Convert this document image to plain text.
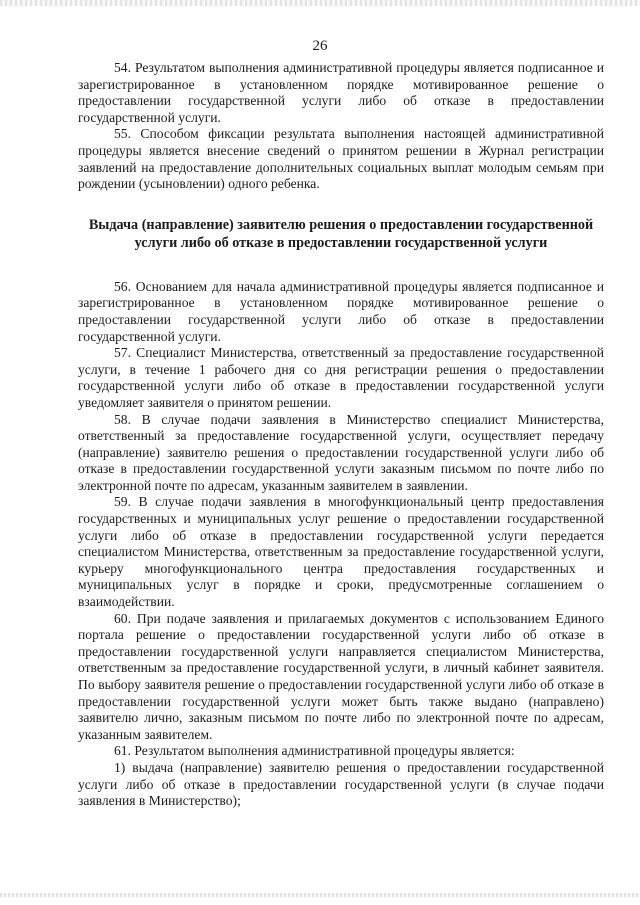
26

54. Результатом выполнения административной процедуры является подписанное и зарегистрированное в установленном порядке мотивированное решение о предоставлении государственной услуги либо об отказе в предоставлении государственной услуги.

55. Способом фиксации результата выполнения настоящей административной процедуры является внесение сведений о принятом решении в Журнал регистрации заявлений на предоставление дополнительных социальных выплат молодым семьям при рождении (усыновлении) одного ребенка.

Выдача (направление) заявителю решения о предоставлении государственной услуги либо об отказе в предоставлении государственной услуги

56. Основанием для начала административной процедуры является подписанное и зарегистрированное в установленном порядке мотивированное решение о предоставлении государственной услуги либо об отказе в предоставлении государственной услуги.

57. Специалист Министерства, ответственный за предоставление государственной услуги, в течение 1 рабочего дня со дня регистрации решения о предоставлении государственной услуги либо об отказе в предоставлении государственной услуги уведомляет заявителя о принятом решении.

58. В случае подачи заявления в Министерство специалист Министерства, ответственный за предоставление государственной услуги, осуществляет передачу (направление) заявителю решения о предоставлении государственной услуги либо об отказе в предоставлении государственной услуги заказным письмом по почте либо по электронной почте по адресам, указанным заявителем в заявлении.

59. В случае подачи заявления в многофункциональный центр предоставления государственных и муниципальных услуг решение о предоставлении государственной услуги либо об отказе в предоставлении государственной услуги передается специалистом Министерства, ответственным за предоставление государственной услуги, курьеру многофункционального центра предоставления государственных и муниципальных услуг в порядке и сроки, предусмотренные соглашением о взаимодействии.

60. При подаче заявления и прилагаемых документов с использованием Единого портала решение о предоставлении государственной услуги либо об отказе в предоставлении государственной услуги направляется специалистом Министерства, ответственным за предоставление государственной услуги, в личный кабинет заявителя. По выбору заявителя решение о предоставлении государственной услуги либо об отказе в предоставлении государственной услуги может быть также выдано (направлено) заявителю лично, заказным письмом по почте либо по электронной почте по адресам, указанным заявителем.

61. Результатом выполнения административной процедуры является:

1) выдача (направление) заявителю решения о предоставлении государственной услуги либо об отказе в предоставлении государственной услуги (в случае подачи заявления в Министерство);
